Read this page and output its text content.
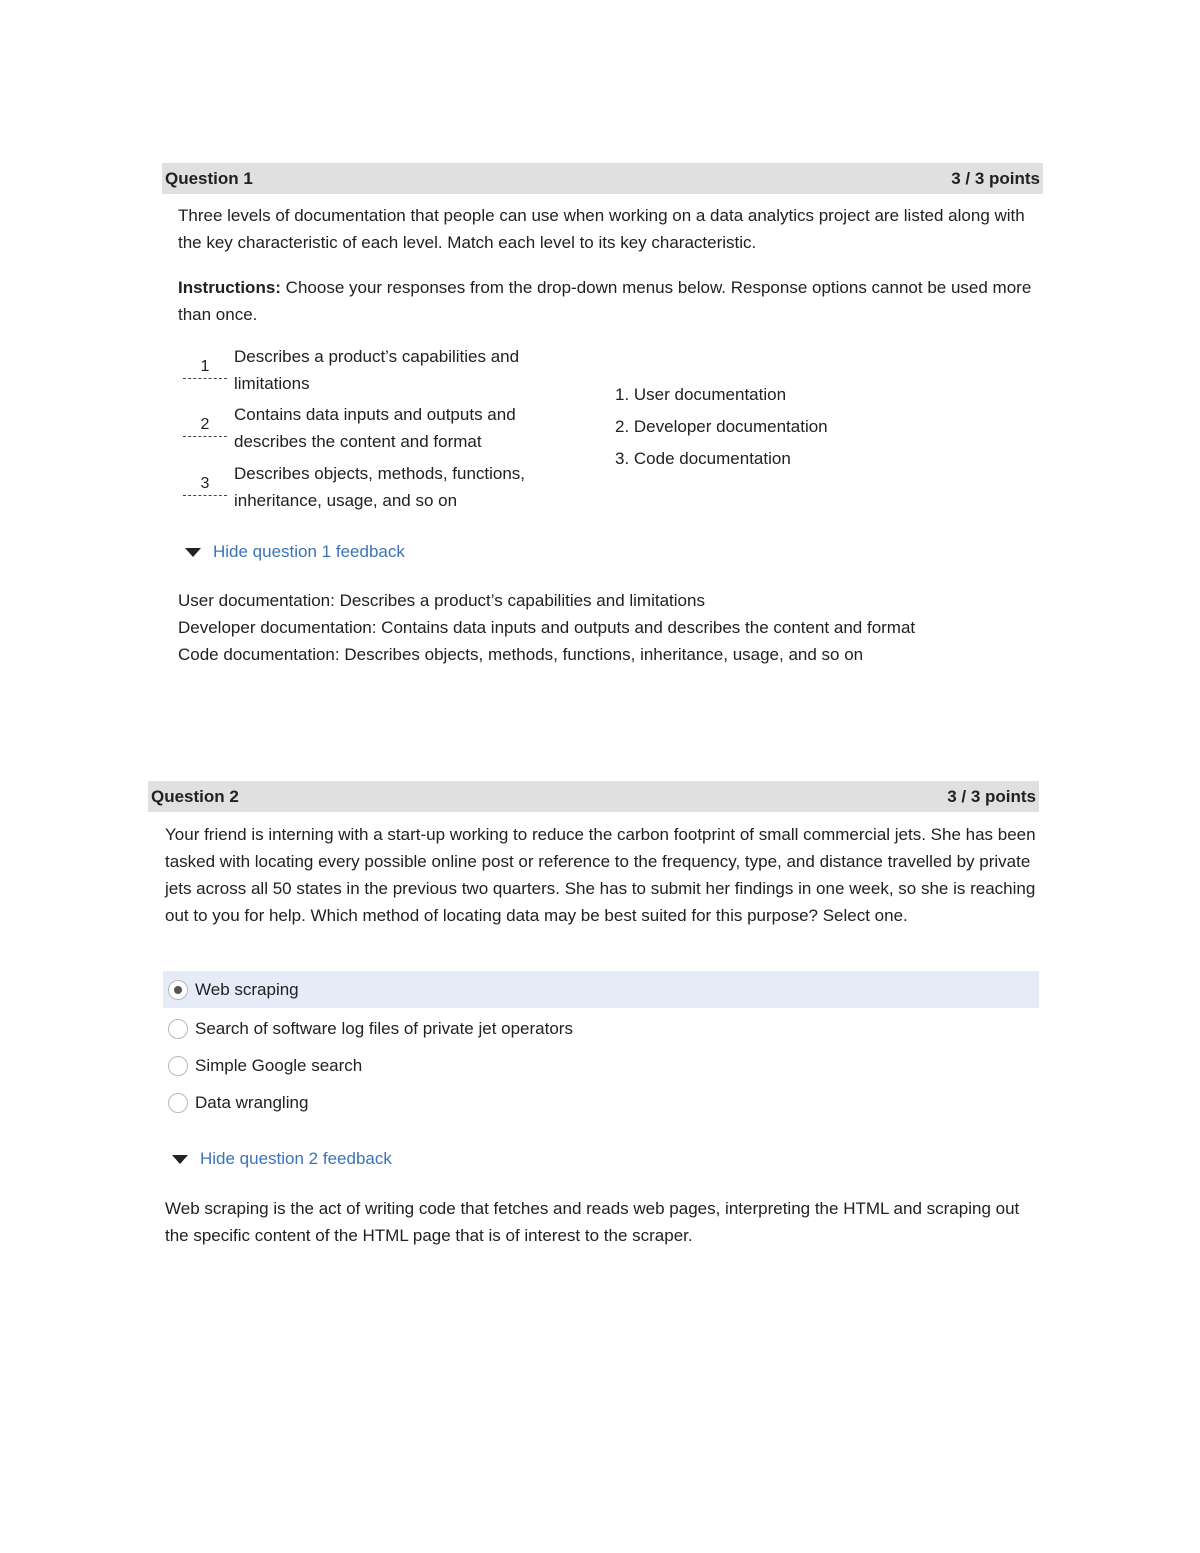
Question 1	3 / 3 points

Three levels of documentation that people can use when working on a data analytics project are listed along with the key characteristic of each level. Match each level to its key characteristic.

Instructions: Choose your responses from the drop-down menus below. Response options cannot be used more than once.

1
Describes a product’s capabilities and limitations
2
Contains data inputs and outputs and describes the content and format
3
Describes objects, methods, functions, inheritance, usage, and so on
1. User documentation
2. Developer documentation
3. Code documentation
Hide question 1 feedback
User documentation: Describes a product’s capabilities and limitations
Developer documentation: Contains data inputs and outputs and describes the content and format
Code documentation: Describes objects, methods, functions, inheritance, usage, and so on
Question 2	3 / 3 points

Your friend is interning with a start-up working to reduce the carbon footprint of small commercial jets. She has been tasked with locating every possible online post or reference to the frequency, type, and distance travelled by private jets across all 50 states in the previous two quarters. She has to submit her findings in one week, so she is reaching out to you for help. Which method of locating data may be best suited for this purpose? Select one.

Web scraping
Search of software log files of private jet operators
Simple Google search
Data wrangling
Hide question 2 feedback
Web scraping is the act of writing code that fetches and reads web pages, interpreting the HTML and scraping out the specific content of the HTML page that is of interest to the scraper.
